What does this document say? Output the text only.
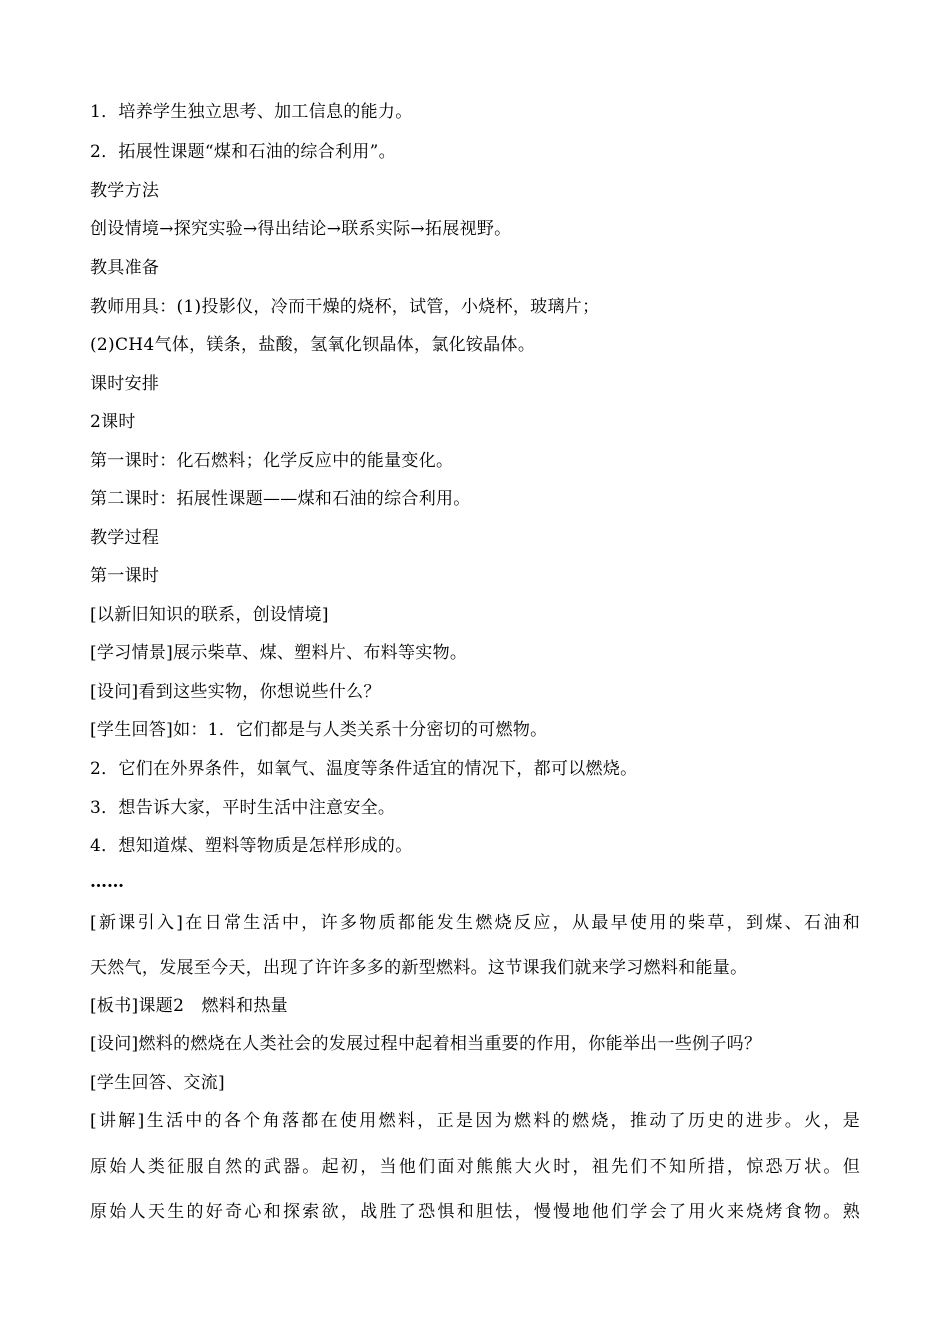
1．培养学生独立思考、加工信息的能力。
2．拓展性课题“煤和石油的综合利用”。
教学方法
创设情境→探究实验→得出结论→联系实际→拓展视野。
教具准备
教师用具：(1)投影仪，冷而干燥的烧杯，试管，小烧杯，玻璃片；
(2)CH4气体，镁条，盐酸，氢氧化钡晶体，氯化铵晶体。
课时安排
2课时
第一课时：化石燃料；化学反应中的能量变化。
第二课时：拓展性课题——煤和石油的综合利用。
教学过程
第一课时
[以新旧知识的联系，创设情境]
[学习情景]展示柴草、煤、塑料片、布料等实物。
[设问]看到这些实物，你想说些什么？
[学生回答]如：1．它们都是与人类关系十分密切的可燃物。
2．它们在外界条件，如氧气、温度等条件适宜的情况下，都可以燃烧。
3．想告诉大家，平时生活中注意安全。
4．想知道煤、塑料等物质是怎样形成的。
……
[新课引入]在日常生活中，许多物质都能发生燃烧反应，从最早使用的柴草，到煤、石油和
天然气，发展至今天，出现了许许多多的新型燃料。这节课我们就来学习燃料和能量。
[板书]课题2　燃料和热量
[设问]燃料的燃烧在人类社会的发展过程中起着相当重要的作用，你能举出一些例子吗？
[学生回答、交流]
[讲解]生活中的各个角落都在使用燃料，正是因为燃料的燃烧，推动了历史的进步。火，是
原始人类征服自然的武器。起初，当他们面对熊熊大火时，祖先们不知所措，惊恐万状。但
原始人天生的好奇心和探索欲，战胜了恐惧和胆怯，慢慢地他们学会了用火来烧烤食物。熟
